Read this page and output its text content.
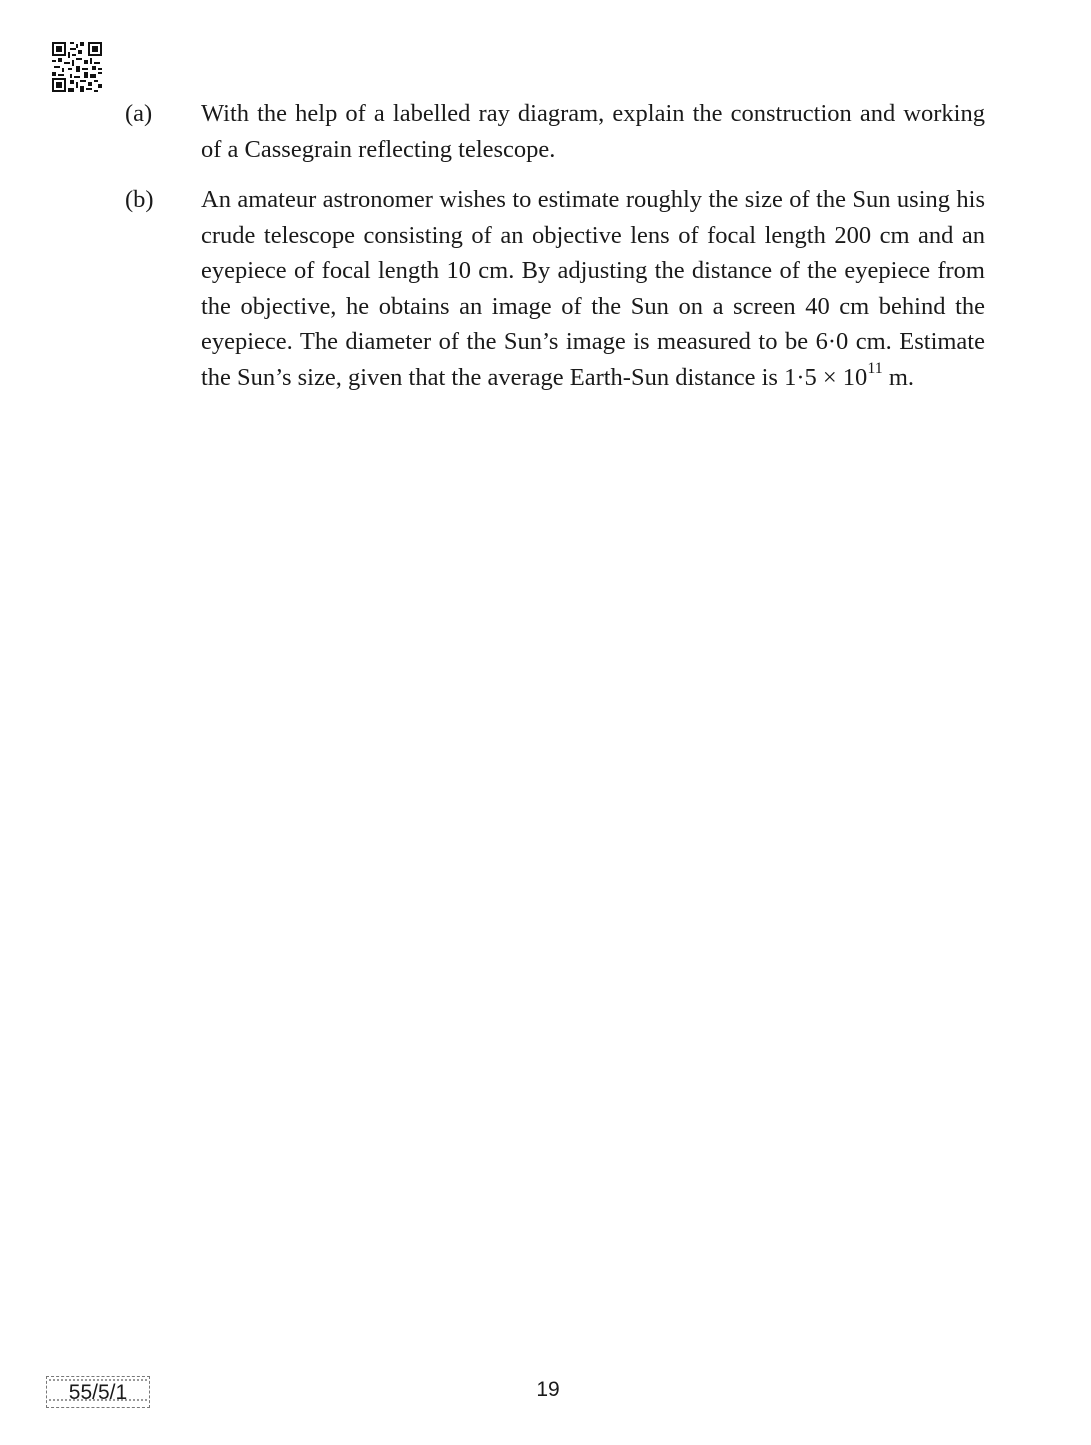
(a)	With the help of a labelled ray diagram, explain the construction and working of a Cassegrain reflecting telescope.
(b)	An amateur astronomer wishes to estimate roughly the size of the Sun using his crude telescope consisting of an objective lens of focal length 200 cm and an eyepiece of focal length 10 cm. By adjusting the distance of the eyepiece from the objective, he obtains an image of the Sun on a screen 40 cm behind the eyepiece. The diameter of the Sun’s image is measured to be 6·0 cm. Estimate the Sun’s size, given that the average Earth-Sun distance is $1\cdot 5 \times 10^{11}$ m.
55/5/1	19
